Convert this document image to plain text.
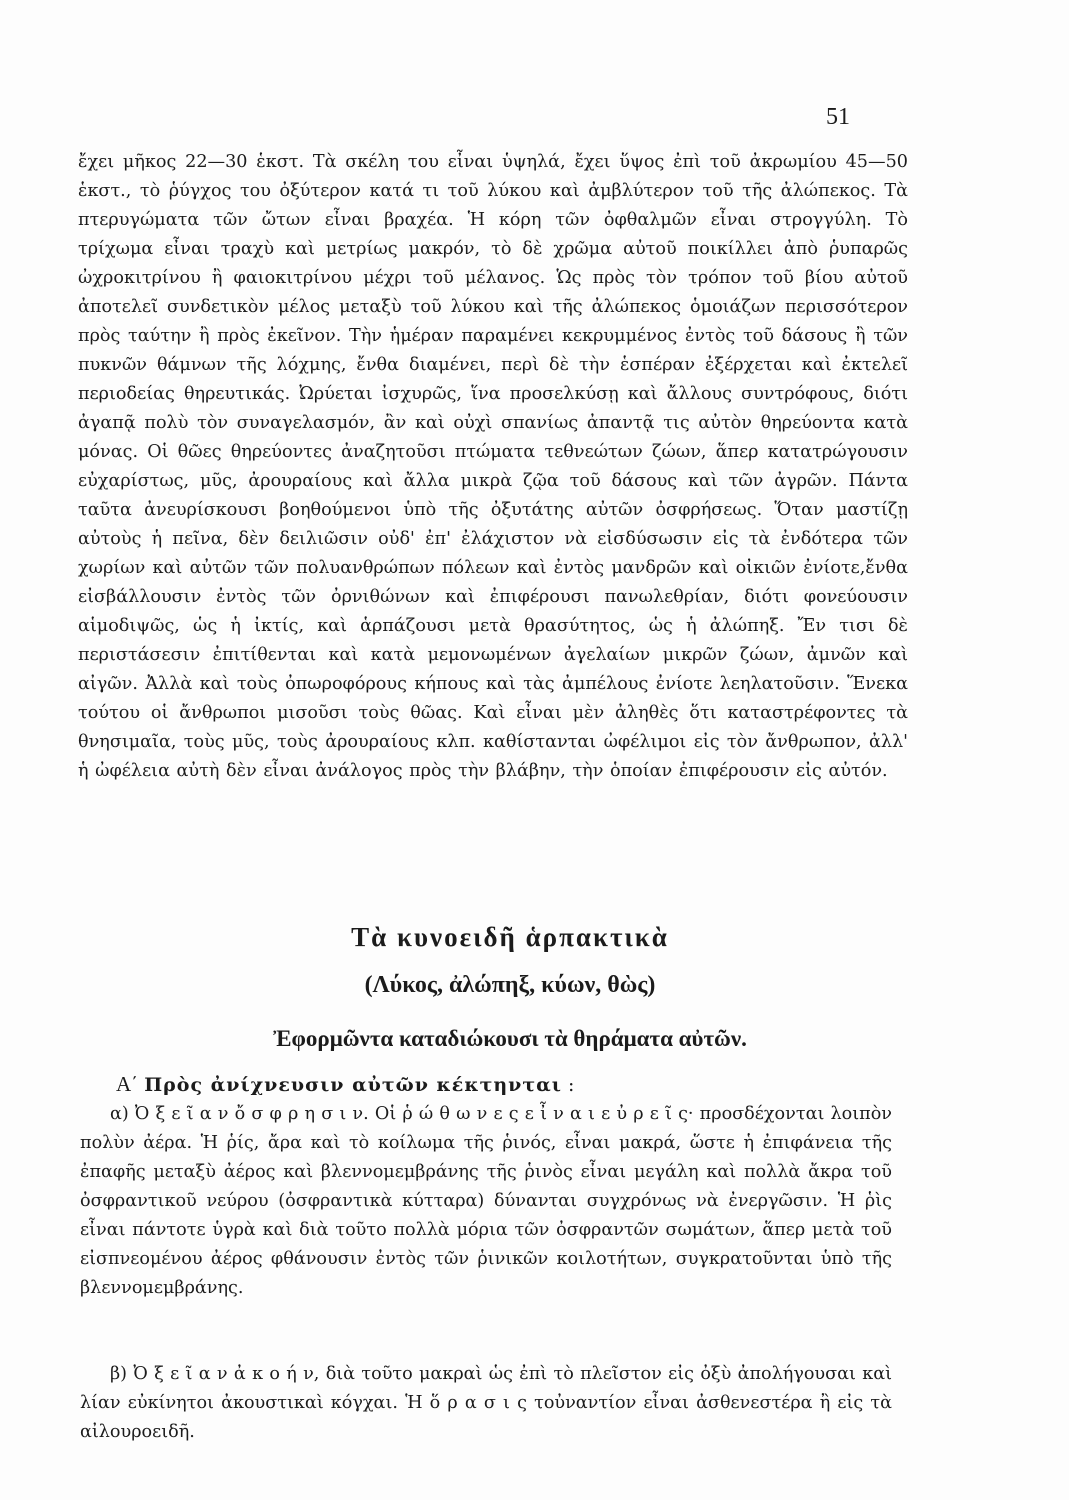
51

ἔχει μῆκος 22—30 ἑκστ. Τὰ σκέλη του εἶναι ὑψηλά, ἔχει ὕψος ἐπὶ τοῦ ἀκρωμίου 45—50 ἑκστ., τὸ ῥύγχος του ὀξύτερον κατά τι τοῦ λύκου καὶ ἀμβλύτερον τοῦ τῆς ἀλώπεκος. Τὰ πτερυγώματα τῶν ὤτων εἶναι βραχέα. Ἡ κόρη τῶν ὀφθαλμῶν εἶναι στρογγύλη. Τὸ τρίχωμα εἶναι τραχὺ καὶ μετρίως μακρόν, τὸ δὲ χρῶμα αὐτοῦ ποικίλλει ἀπὸ ῥυπαρῶς ὠχροκιτρίνου ἢ φαιοκιτρίνου μέχρι τοῦ μέλανος. Ὡς πρὸς τὸν τρόπον τοῦ βίου αὐτοῦ ἀποτελεῖ συνδετικὸν μέλος μεταξὺ τοῦ λύκου καὶ τῆς ἀλώπεκος ὁμοιάζων περισσότερον πρὸς ταύτην ἢ πρὸς ἐκεῖνον. Τὴν ἡμέραν παραμένει κεκρυμμένος ἐντὸς τοῦ δάσους ἢ τῶν πυκνῶν θάμνων τῆς λόχμης, ἔνθα διαμένει, περὶ δὲ τὴν ἑσπέραν ἐξέρχεται καὶ ἐκτελεῖ περιοδείας θηρευτικάς. Ὠρύεται ἰσχυρῶς, ἵνα προσελκύσῃ καὶ ἄλλους συντρόφους, διότι ἀγαπᾷ πολὺ τὸν συναγελασμόν, ἂν καὶ οὐχὶ σπανίως ἀπαντᾷ τις αὐτὸν θηρεύοντα κατὰ μόνας. Οἱ θῶες θηρεύοντες ἀναζητοῦσι πτώματα τεθνεώτων ζώων, ἅπερ κατατρώγουσιν εὐχαρίστως, μῦς, ἀρουραίους καὶ ἄλλα μικρὰ ζῷα τοῦ δάσους καὶ τῶν ἀγρῶν. Πάντα ταῦτα ἀνευρίσκουσι βοηθούμενοι ὑπὸ τῆς ὀξυτάτης αὐτῶν ὀσφρήσεως. Ὅταν μαστίζῃ αὐτοὺς ἡ πεῖνα, δὲν δειλιῶσιν οὐδ' ἐπ' ἐλάχιστον νὰ εἰσδύσωσιν εἰς τὰ ἐνδότερα τῶν χωρίων καὶ αὐτῶν τῶν πολυανθρώπων πόλεων καὶ ἐντὸς μανδρῶν καὶ οἰκιῶν ἐνίοτε,ἔνθα εἰσβάλλουσιν ἐντὸς τῶν ὀρνιθώνων καὶ ἐπιφέρουσι πανωλεθρίαν, διότι φονεύουσιν αἱμοδιψῶς, ὡς ἡ ἰκτίς, καὶ ἁρπάζουσι μετὰ θρασύτητος, ὡς ἡ ἀλώπηξ. Ἔν τισι δὲ περιστάσεσιν ἐπιτίθενται καὶ κατὰ μεμονωμένων ἀγελαίων μικρῶν ζώων, ἀμνῶν καὶ αἰγῶν. Ἀλλὰ καὶ τοὺς ὀπωροφόρους κήπους καὶ τὰς ἀμπέλους ἐνίοτε λεηλατοῦσιν. Ἕνεκα τούτου οἱ ἄνθρωποι μισοῦσι τοὺς θῶας. Καὶ εἶναι μὲν ἀληθὲς ὅτι καταστρέφοντες τὰ θνησιμαῖα, τοὺς μῦς, τοὺς ἀρουραίους κλπ. καθίστανται ὠφέλιμοι εἰς τὸν ἄνθρωπον, ἀλλ' ἡ ὠφέλεια αὐτὴ δὲν εἶναι ἀνάλογος πρὸς τὴν βλάβην, τὴν ὁποίαν ἐπιφέρουσιν εἰς αὐτόν.

Τὰ κυνοειδῆ ἁρπακτικὰ
(Λύκος, ἀλώπηξ, κύων, θὼς)
Ἐφορμῶντα καταδιώκουσι τὰ θηράματα αὐτῶν.

Α΄ Πρὸς ἀνίχνευσιν αὐτῶν κέκτηνται :

α) Ὀ ξ ε ῖ α ν ὄ σ φ ρ η σ ι ν. Οἱ ῥ ώ θ ω ν ε ς ε ἶ ν α ι ε ὐ ρ ε ῖ ς· προσδέχονται λοιπὸν πολὺν ἀέρα. Ἡ ῥίς, ἄρα καὶ τὸ κοίλωμα τῆς ῥινός, εἶναι μακρά, ὥστε ἡ ἐπιφάνεια τῆς ἐπαφῆς μεταξὺ ἀέρος καὶ βλεννομεμβράνης τῆς ῥινὸς εἶναι μεγάλη καὶ πολλὰ ἄκρα τοῦ ὀσφραντικοῦ νεύρου (ὀσφραντικὰ κύτταρα) δύνανται συγχρόνως νὰ ἐνεργῶσιν. Ἡ ῥὶς εἶναι πάντοτε ὑγρὰ καὶ διὰ τοῦτο πολλὰ μόρια τῶν ὀσφραντῶν σωμάτων, ἅπερ μετὰ τοῦ εἰσπνεομένου ἀέρος φθάνουσιν ἐντὸς τῶν ῥινικῶν κοιλοτήτων, συγκρατοῦνται ὑπὸ τῆς βλεννομεμβράνης.

β) Ὀ ξ ε ῖ α ν ἀ κ ο ή ν, διὰ τοῦτο μακραὶ ὡς ἐπὶ τὸ πλεῖστον εἰς ὀξὺ ἀπολήγουσαι καὶ λίαν εὐκίνητοι ἀκουστικαὶ κόγχαι. Ἡ ὅ ρ α σ ι ς τοὐναντίον εἶναι ἀσθενεστέρα ἢ εἰς τὰ αἰλουροειδῆ.
